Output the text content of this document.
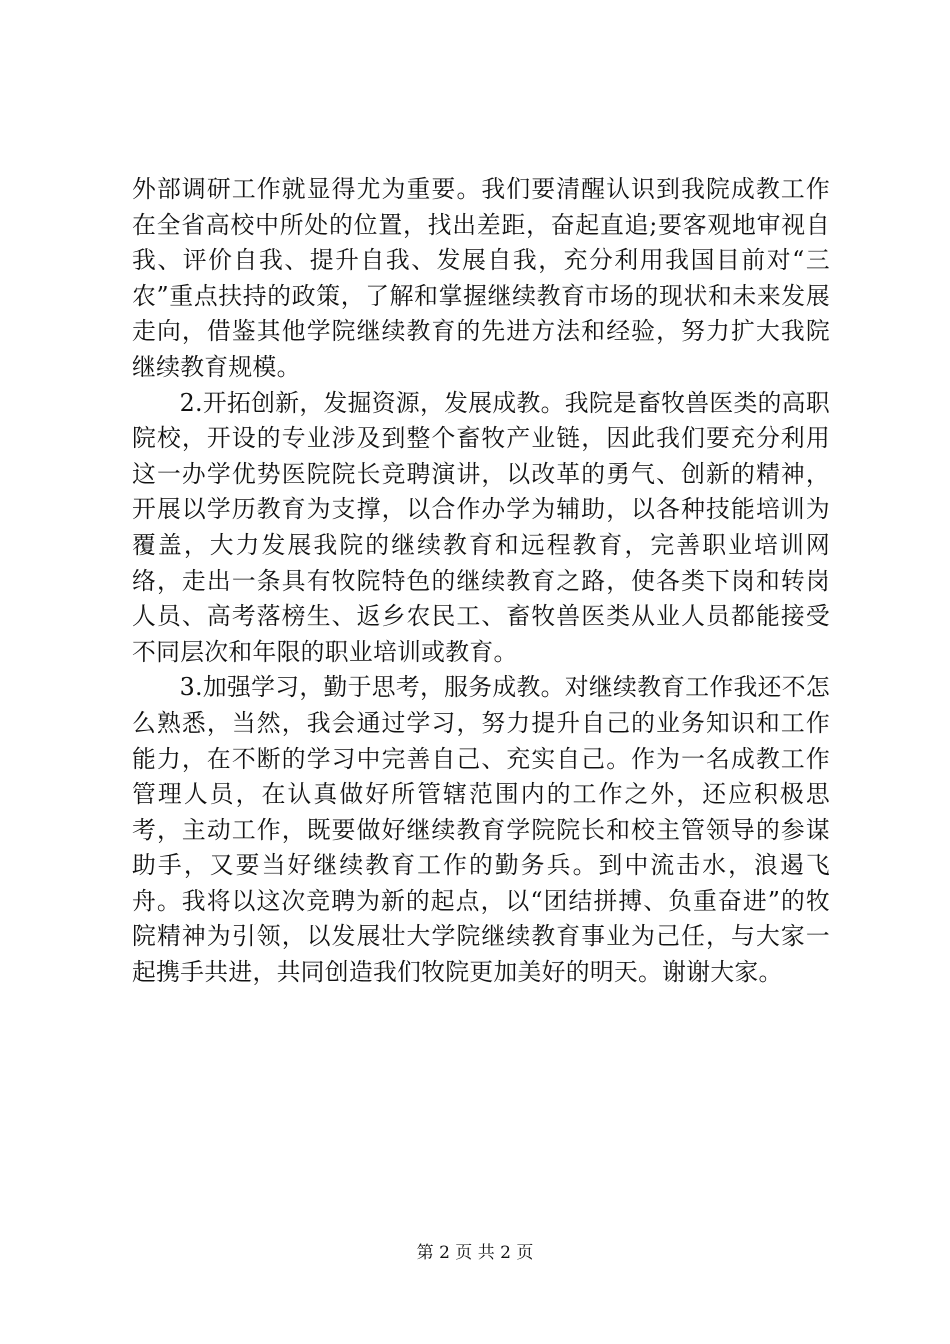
外部调研工作就显得尤为重要。我们要清醒认识到我院成教工作在全省高校中所处的位置，找出差距，奋起直追;要客观地审视自我、评价自我、提升自我、发展自我，充分利用我国目前对“三农”重点扶持的政策，了解和掌握继续教育市场的现状和未来发展走向，借鉴其他学院继续教育的先进方法和经验，努力扩大我院继续教育规模。

2.开拓创新，发掘资源，发展成教。我院是畜牧兽医类的高职院校，开设的专业涉及到整个畜牧产业链，因此我们要充分利用这一办学优势医院院长竞聘演讲，以改革的勇气、创新的精神，开展以学历教育为支撑，以合作办学为辅助，以各种技能培训为覆盖，大力发展我院的继续教育和远程教育，完善职业培训网络，走出一条具有牧院特色的继续教育之路，使各类下岗和转岗人员、高考落榜生、返乡农民工、畜牧兽医类从业人员都能接受不同层次和年限的职业培训或教育。

3.加强学习，勤于思考，服务成教。对继续教育工作我还不怎么熟悉，当然，我会通过学习，努力提升自己的业务知识和工作能力，在不断的学习中完善自己、充实自己。作为一名成教工作管理人员，在认真做好所管辖范围内的工作之外，还应积极思考，主动工作，既要做好继续教育学院院长和校主管领导的参谋助手，又要当好继续教育工作的勤务兵。到中流击水，浪遏飞舟。我将以这次竞聘为新的起点，以“团结拼搏、负重奋进”的牧院精神为引领，以发展壮大学院继续教育事业为己任，与大家一起携手共进，共同创造我们牧院更加美好的明天。谢谢大家。

第 2 页 共 2 页
